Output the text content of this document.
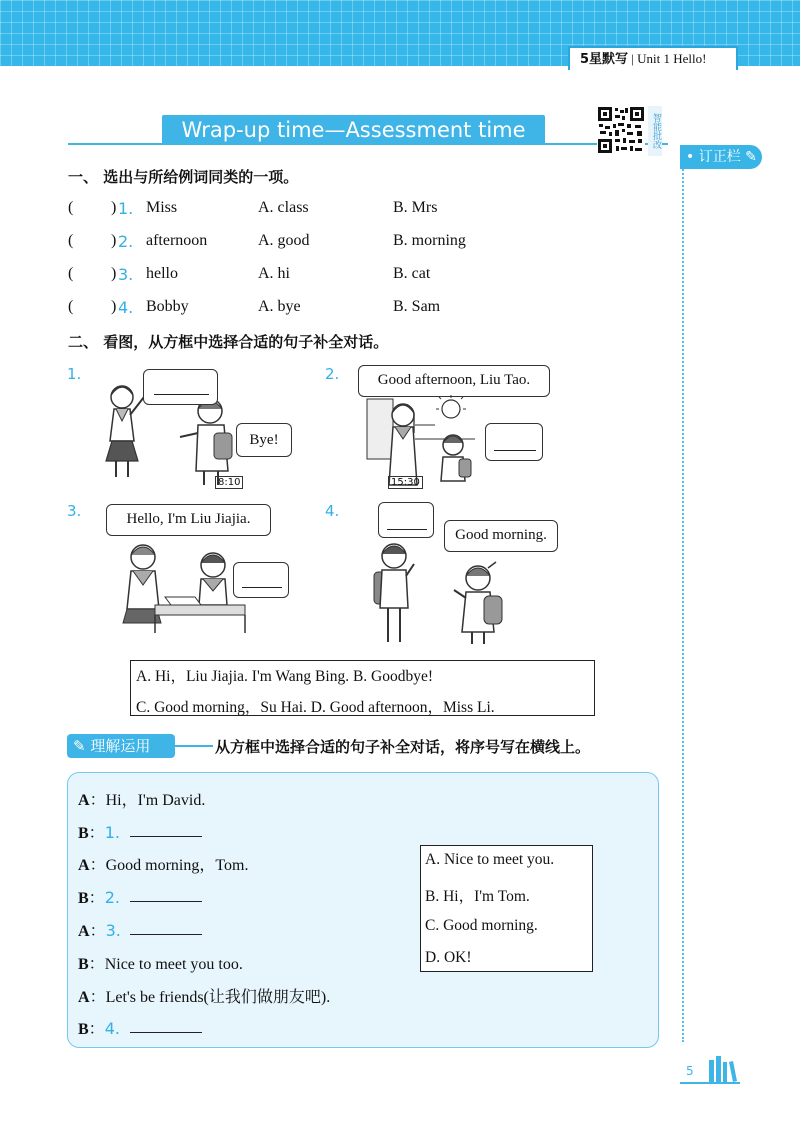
5星默写 | Unit 1 Hello!
• 订正栏 ✎
Wrap-up time—Assessment time	智能批改
一、 选出与所给例词同类的一项。
( ) 1. Miss	A. class	B. Mrs
( ) 2. afternoon	A. good	B. morning
( ) 3. hello	A. hi	B. cat
( ) 4. Bobby	A. bye	B. Sam
二、 看图，从方框中选择合适的句子补全对话。
1.
Bye!
8:10
2.	Good afternoon, Liu Tao.
15:30
3.	Hello, I'm Liu Jiajia.	4.
Good morning.
A. Hi，Liu Jiajia. I'm Wang Bing. B. Goodbye!
C. Good morning，Su Hai. D. Good afternoon，Miss Li.
✎ 理解运用	从方框中选择合适的句子补全对话，将序号写在横线上。
A：Hi，I'm David.
B：1.
A：Good morning，Tom.
B：2.
A：3.
B：Nice to meet you too.
A：Let's be friends(让我们做朋友吧).
B：4.
A. Nice to meet you.
B. Hi，I'm Tom.
C. Good morning.
D. OK!
5
